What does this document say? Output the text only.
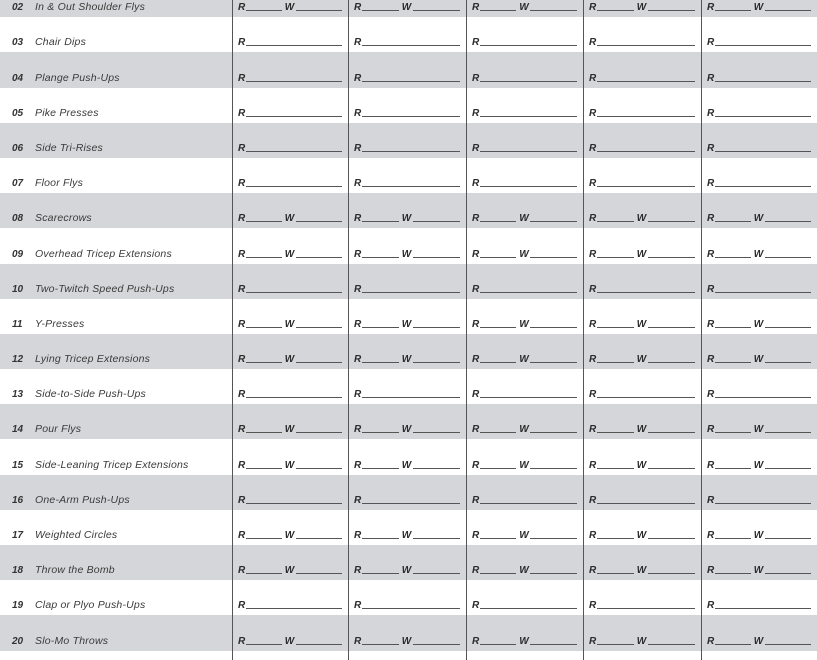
02 In & Out Shoulder Flys	R	W	R	W	R	W	R	W	R	W
03 Chair Dips	R	R	R	R	R
04 Plange Push-Ups	R	R	R	R	R
05 Pike Presses	R	R	R	R	R
06 Side Tri-Rises	R	R	R	R	R
07 Floor Flys	R	R	R	R	R
08 Scarecrows	R	W	R	W	R	W	R	W	R	W
09 Overhead Tricep Extensions	R	W	R	W	R	W	R	W	R	W
10 Two-Twitch Speed Push-Ups	R	R	R	R	R
11 Y-Presses	R	W	R	W	R	W	R	W	R	W
12 Lying Tricep Extensions	R	W	R	W	R	W	R	W	R	W
13 Side-to-Side Push-Ups	R	R	R	R	R
14 Pour Flys	R	W	R	W	R	W	R	W	R	W
15 Side-Leaning Tricep Extensions	R	W	R	W	R	W	R	W	R	W
16 One-Arm Push-Ups	R	R	R	R	R
17 Weighted Circles	R	W	R	W	R	W	R	W	R	W
18 Throw the Bomb	R	W	R	W	R	W	R	W	R	W
19 Clap or Plyo Push-Ups	R	R	R	R	R
20 Slo-Mo Throws	R	W	R	W	R	W	R	W	R	W
